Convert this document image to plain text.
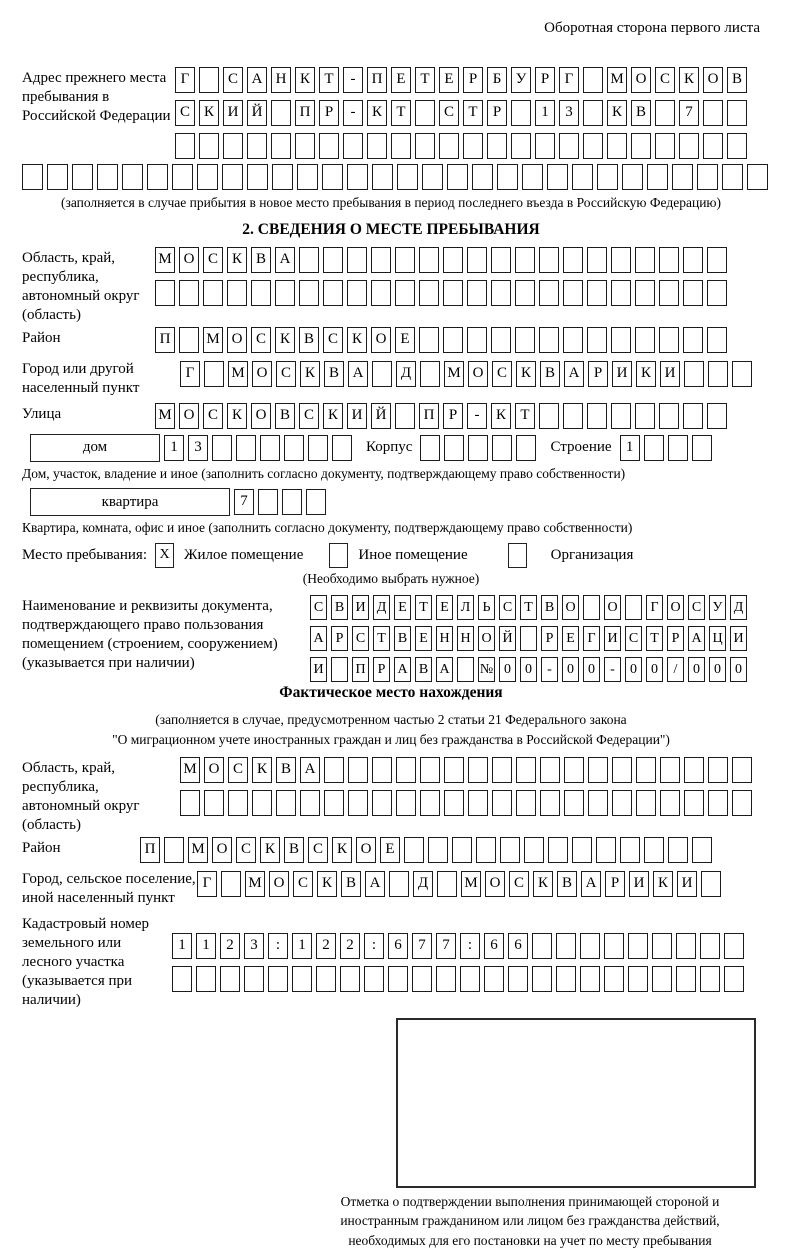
Оборотная сторона первого листа
Адрес прежнего места пребывания в Российской Федерации
Г	С А Н К Т	-	П Е Т Е	Р	Б У Р	Г	М О С К О В
С К И Й	П Р	-	К Т	С Т	Р	1	3	К В	7
(заполняется в случае прибытия в новое место пребывания в период последнего въезда в Российскую Федерацию)
2. СВЕДЕНИЯ О МЕСТЕ ПРЕБЫВАНИЯ
Область, край, республика, автономный округ (область)
М О С К В А
Район	П	М О С К В С К О Е
Город или другой населенный пункт
Г	М О С К В А	Д	М О С К В А Р И К И
Улица	М О С К О В С К И Й	П Р	-	К Т
дом	1	3	Корпус	Строение 1
Дом, участок, владение и иное (заполнить согласно документу, подтверждающему право собственности)
квартира	7
Квартира, комната, офис и иное (заполнить согласно документу, подтверждающему право собственности)
Место пребывания: X Жилое помещение	Иное помещение	Организация
(Необходимо выбрать нужное)
Наименование и реквизиты документа, подтверждающего право пользования помещением (строением, сооружением) (указывается при наличии)
С В И Д Е Т Е Л Ь С Т В О О	Г О С У Д
А Р С Т В Е Н Н О Й	Р Е Г И С Т Р А Ц И
И П Р А В А № 0	0	-	0	0	-	0	0	/	0	0	0
Фактическое место нахождения
(заполняется в случае, предусмотренном частью 2 статьи 21 Федерального закона
"О миграционном учете иностранных граждан и лиц без гражданства в Российской Федерации")
Область, край, республика, автономный округ (область)
М О С К В А
Район	П	М О С К В С К О Е
Город, сельское поселение, иной населенный пункт
Г	М О С К В А	Д	М О С К В А Р И К И
Кадастровый номер земельного или лесного участка (указывается при наличии)
1	1	2	3	:	1	2	2	:	6	7	7	:	6	6
Отметка о подтверждении выполнения принимающей стороной и иностранным гражданином или лицом без гражданства действий, необходимых для его постановки на учет по месту пребывания
